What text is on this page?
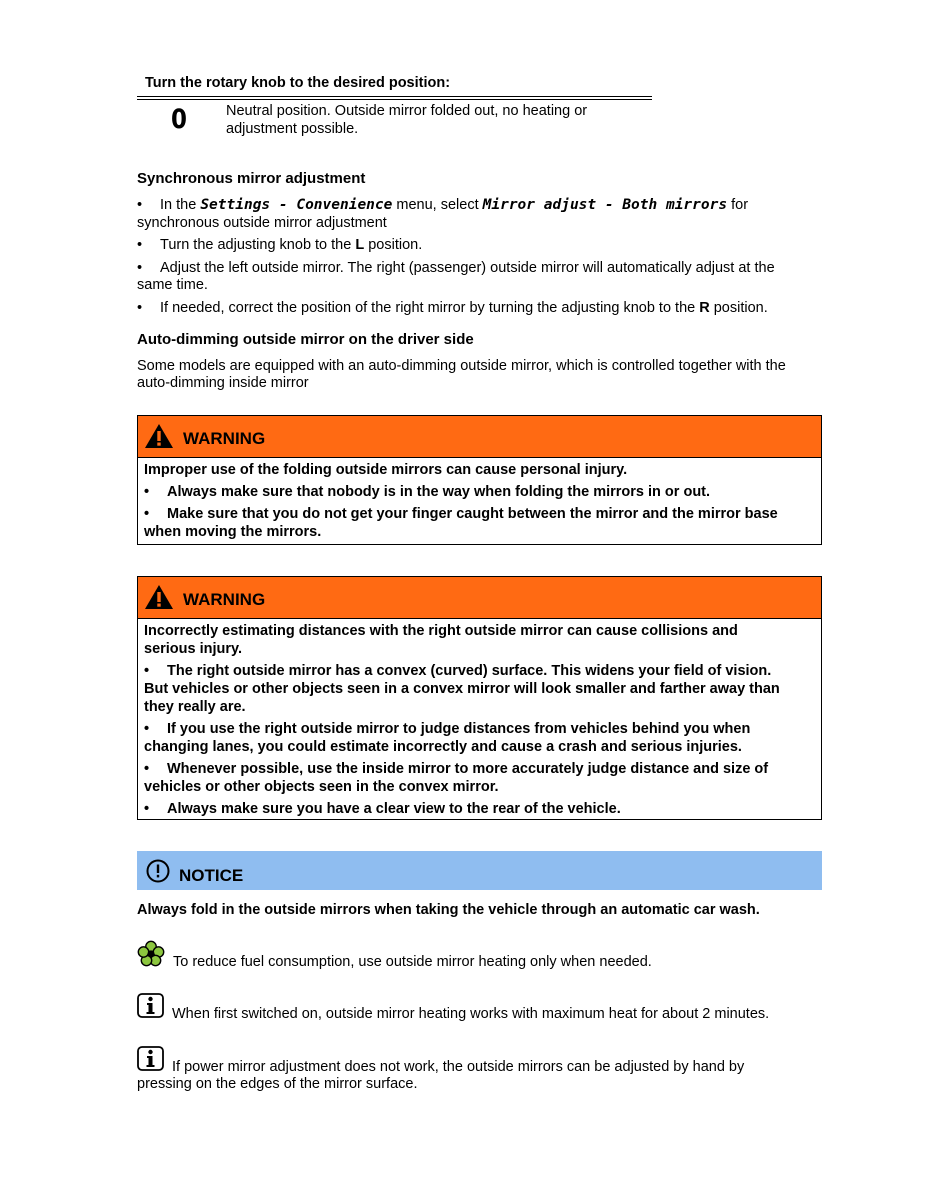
Turn the rotary knob to the desired position:
0	Neutral position. Outside mirror folded out, no heating or
adjustment possible.
Synchronous mirror adjustment
• In the Settings - Convenience menu, select Mirror adjust - Both mirrors for
synchronous outside mirror adjustment
• Turn the adjusting knob to the L position.
• Adjust the left outside mirror. The right (passenger) outside mirror will automatically adjust at the
same time.
• If needed, correct the position of the right mirror by turning the adjusting knob to the R position.
Auto-dimming outside mirror on the driver side
Some models are equipped with an auto-dimming outside mirror, which is controlled together with the
auto-dimming inside mirror
WARNING

Improper use of the folding outside mirrors can cause personal injury.

• Always make sure that nobody is in the way when folding the mirrors in or out.

• Make sure that you do not get your finger caught between the mirror and the mirror base
when moving the mirrors.

WARNING

Incorrectly estimating distances with the right outside mirror can cause collisions and
serious injury.

• The right outside mirror has a convex (curved) surface. This widens your field of vision.
But vehicles or other objects seen in a convex mirror will look smaller and farther away than
they really are.

• If you use the right outside mirror to judge distances from vehicles behind you when
changing lanes, you could estimate incorrectly and cause a crash and serious injuries.

• Whenever possible, use the inside mirror to more accurately judge distance and size of
vehicles or other objects seen in the convex mirror.

• Always make sure you have a clear view to the rear of the vehicle.

NOTICE
Always fold in the outside mirrors when taking the vehicle through an automatic car wash.
To reduce fuel consumption, use outside mirror heating only when needed.
When first switched on, outside mirror heating works with maximum heat for about 2 minutes.
If power mirror adjustment does not work, the outside mirrors can be adjusted by hand by
pressing on the edges of the mirror surface.
